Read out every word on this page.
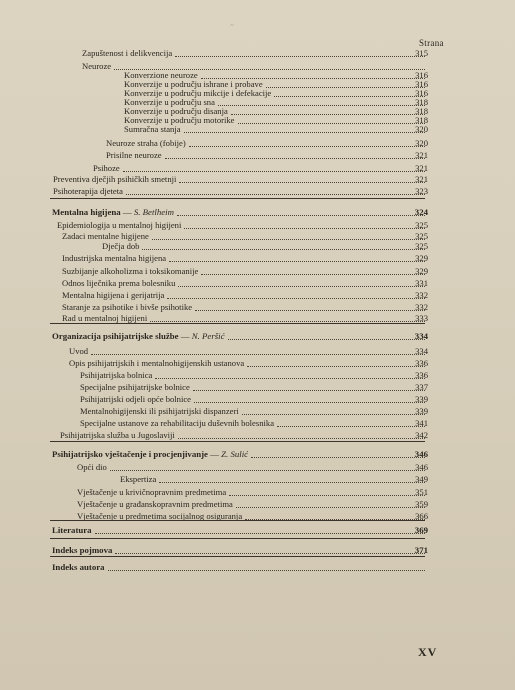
´´
Strana
Zapuštenost i delikvencija	315
Neuroze
Konverzione neuroze	316
Konverzije u području ishrane i probave	316
Konverzije u području mikcije i defekacije	316
Konverzije u području sna	318
Konverzije u području disanja	318
Konverzije u području motorike	318
Sumračna stanja	320
Neuroze straha (fobije)	320
Prisilne neuroze	321
Psihoze	321
Preventiva dječjih psihičkih smetnji	321
Psihoterapija djeteta	323
Mentalna higijena — S. Betlheim	324
Epidemiologija u mentalnoj higijeni	325
Zadaci mentalne higijene	325
Dječja dob	325
Industrijska mentalna higijena	329
Suzbijanje alkoholizma i toksikomanije	329
Odnos liječnika prema bolesniku	331
Mentalna higijena i gerijatrija	332
Staranje za psihotike i bivše psihotike	332
Rad u mentalnoj higijeni	333
Organizacija psihijatrijske službe — N. Peršić	334
Uvod	334
Opis psihijatrijskih i mentalnohigijenskih ustanova	336
Psihijatrijska bolnica	336
Specijalne psihijatrijske bolnice	337
Psihijatrijski odjeli opće bolnice	339
Mentalnohigijenski ili psihijatrijski dispanzeri	339
Specijalne ustanove za rehabilitaciju duševnih bolesnika	341
Psihijatrijska služba u Jugoslaviji	342
Psihijatrijsko vještačenje i procjenjivanje — Z. Sulić	346
Opći dio	346
Ekspertiza	349
Vještačenje u krivičnopravnim predmetima	351
Vještačenje u građanskopravnim predmetima	359
Vještačenje u predmetima socijalnog osiguranja	366
Literatura	369
Indeks pojmova	371
Indeks autora
XV
